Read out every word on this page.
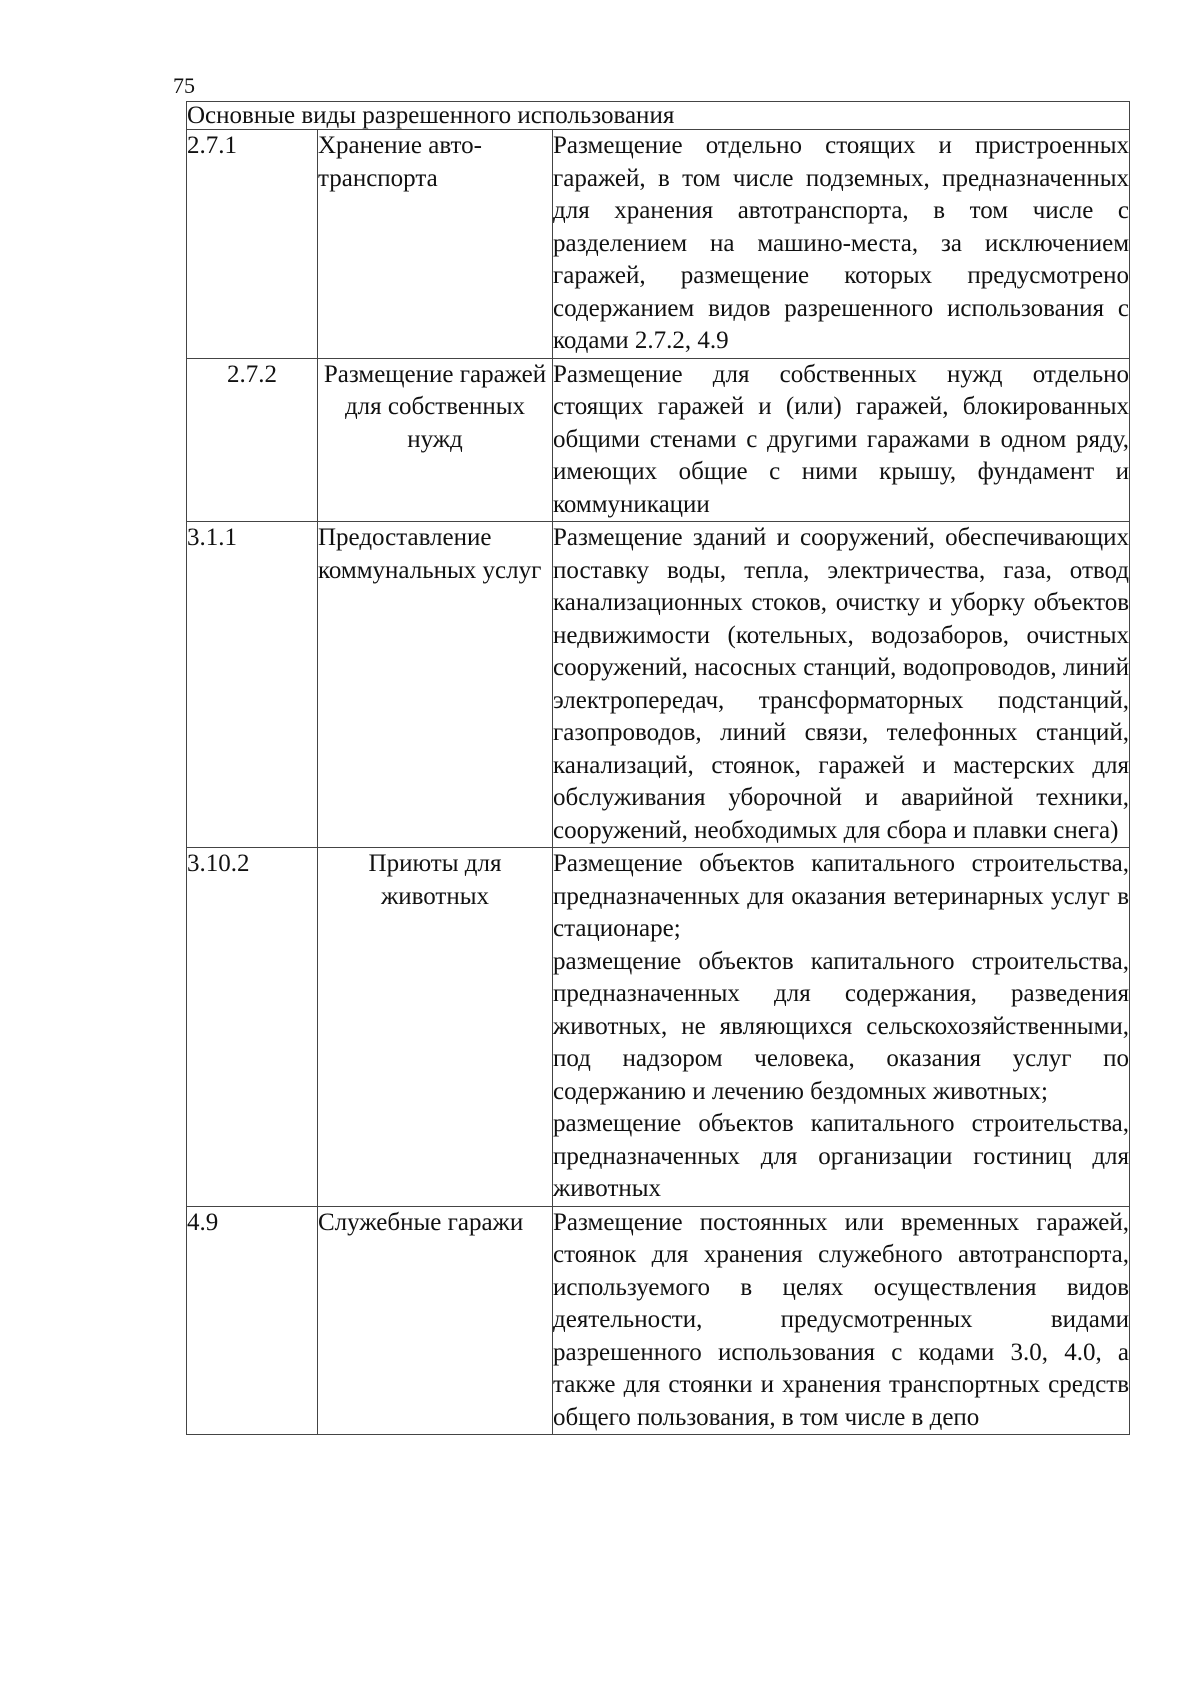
75
Основные виды разрешенного использования		
2.7.1	Хранение авто-транспорта	Размещение отдельно стоящих и пристроенных гаражей, в том числе подземных, предназначенных для хранения автотранспорта, в том числе с разделением на машино-места, за исключением гаражей, размещение которых предусмотрено содержанием видов разрешенного использования с кодами 2.7.2, 4.9

2.7.2	Размещение гаражей для собственных нужд	Размещение для собственных нужд отдельно стоящих гаражей и (или) гаражей, блокированных общими стенами с другими гаражами в одном ряду, имеющих общие с ними крышу, фундамент и коммуникации

3.1.1	Предоставление коммунальных услуг	Размещение зданий и сооружений, обеспечивающих поставку воды, тепла, электричества, газа, отвод канализационных стоков, очистку и уборку объектов недвижимости (котельных, водозаборов, очистных сооружений, насосных станций, водопроводов, линий электропередач, трансформаторных подстанций, газопроводов, линий связи, телефонных станций, канализаций, стоянок, гаражей и мастерских для обслуживания уборочной и аварийной техники, сооружений, необходимых для сбора и плавки снега)

3.10.2	Приюты для животных	Размещение объектов капитального строительства, предназначенных для оказания ветеринарных услуг в стационаре;
размещение объектов капитального строительства, предназначенных для содержания, разведения животных, не являющихся сельскохозяйственными, под надзором человека, оказания услуг по содержанию и лечению бездомных животных;
размещение объектов капитального строительства, предназначенных для организации гостиниц для животных

4.9	Служебные гаражи	Размещение постоянных или временных гаражей, стоянок для хранения служебного автотранспорта, используемого в целях осуществления видов деятельности, предусмотренных видами разрешенного использования с кодами 3.0, 4.0, а также для стоянки и хранения транспортных средств общего пользования, в том числе в депо
